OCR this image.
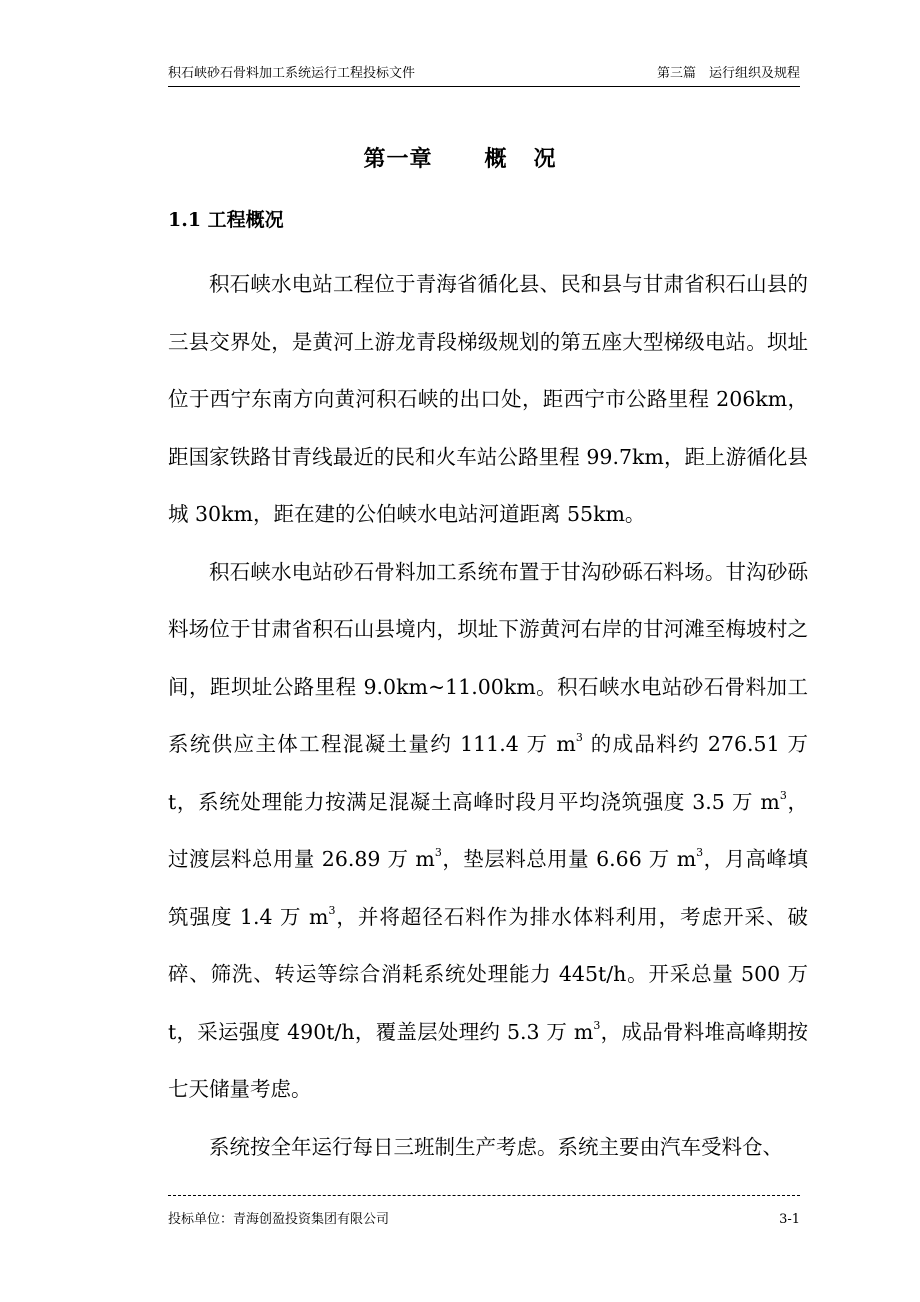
积石峡砂石骨料加工系统运行工程投标文件	第三篇　运行组织及规程
第一章 概 况
1.1 工程概况

积石峡水电站工程位于青海省循化县、民和县与甘肃省积石山县的三县交界处，是黄河上游龙青段梯级规划的第五座大型梯级电站。坝址位于西宁东南方向黄河积石峡的出口处，距西宁市公路里程 206km，距国家铁路甘青线最近的民和火车站公路里程 99.7km，距上游循化县城 30km，距在建的公伯峡水电站河道距离 55km。

积石峡水电站砂石骨料加工系统布置于甘沟砂砾石料场。甘沟砂砾料场位于甘肃省积石山县境内，坝址下游黄河右岸的甘河滩至梅坡村之间，距坝址公路里程 9.0km~11.00km。积石峡水电站砂石骨料加工系统供应主体工程混凝土量约 111.4 万 $m^3$ 的成品料约 276.51 万 t，系统处理能力按满足混凝土高峰时段月平均浇筑强度 3.5 万 $m^3$，过渡层料总用量 26.89 万 $m^3$，垫层料总用量 6.66 万 $m^3$，月高峰填筑强度 1.4 万 $m^3$，并将超径石料作为排水体料利用，考虑开采、破碎、筛洗、转运等综合消耗系统处理能力 445t/h。开采总量 500 万 t，采运强度 490t/h，覆盖层处理约 5.3 万 $m^3$，成品骨料堆高峰期按七天储量考虑。

系统按全年运行每日三班制生产考虑。系统主要由汽车受料仓、

投标单位：青海创盈投资集团有限公司	3-1
